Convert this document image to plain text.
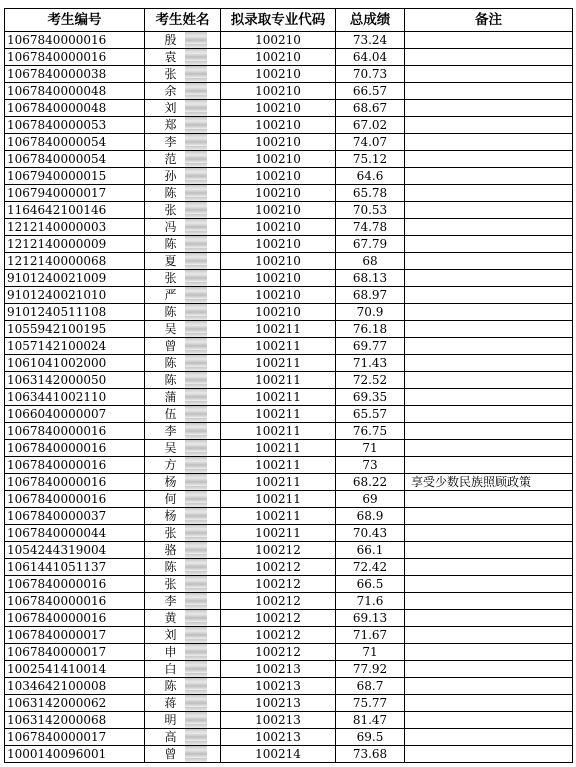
考生编号	考生姓名	拟录取专业代码	总成绩	备注
1067840000016	殷	100210	73.24	
1067840000016	袁	100210	64.04	
1067840000038	张	100210	70.73	
1067840000048	余	100210	66.57	
1067840000048	刘	100210	68.67	
1067840000053	郑	100210	67.02	
1067840000054	李	100210	74.07	
1067840000054	范	100210	75.12	
1067940000015	孙	100210	64.6	
1067940000017	陈	100210	65.78	
1164642100146	张	100210	70.53	
1212140000003	冯	100210	74.78	
1212140000009	陈	100210	67.79	
1212140000068	夏	100210	68	
9101240021009	张	100210	68.13	
9101240021010	严	100210	68.97	
9101240511108	陈	100210	70.9	
1055942100195	吴	100211	76.18	
1057142100024	曾	100211	69.77	
1061041002000	陈	100211	71.43	
1063142000050	陈	100211	72.52	
1063441002110	蒲	100211	69.35	
1066040000007	伍	100211	65.57	
1067840000016	李	100211	76.75	
1067840000016	吴	100211	71	
1067840000016	方	100211	73	
1067840000016	杨	100211	68.22	享受少数民族照顾政策
1067840000016	何	100211	69	
1067840000037	杨	100211	68.9	
1067840000044	张	100211	70.43	
1054244319004	骆	100212	66.1	
1061441051137	陈	100212	72.42	
1067840000016	张	100212	66.5	
1067840000016	李	100212	71.6	
1067840000016	黄	100212	69.13	
1067840000017	刘	100212	71.67	
1067840000017	申	100212	71	
1002541410014	白	100213	77.92	
1034642100008	陈	100213	68.7	
1063142000062	蒋	100213	75.77	
1063142000068	明	100213	81.47	
1067840000017	高	100213	69.5	
1000140096001	曾	100214	73.68	
